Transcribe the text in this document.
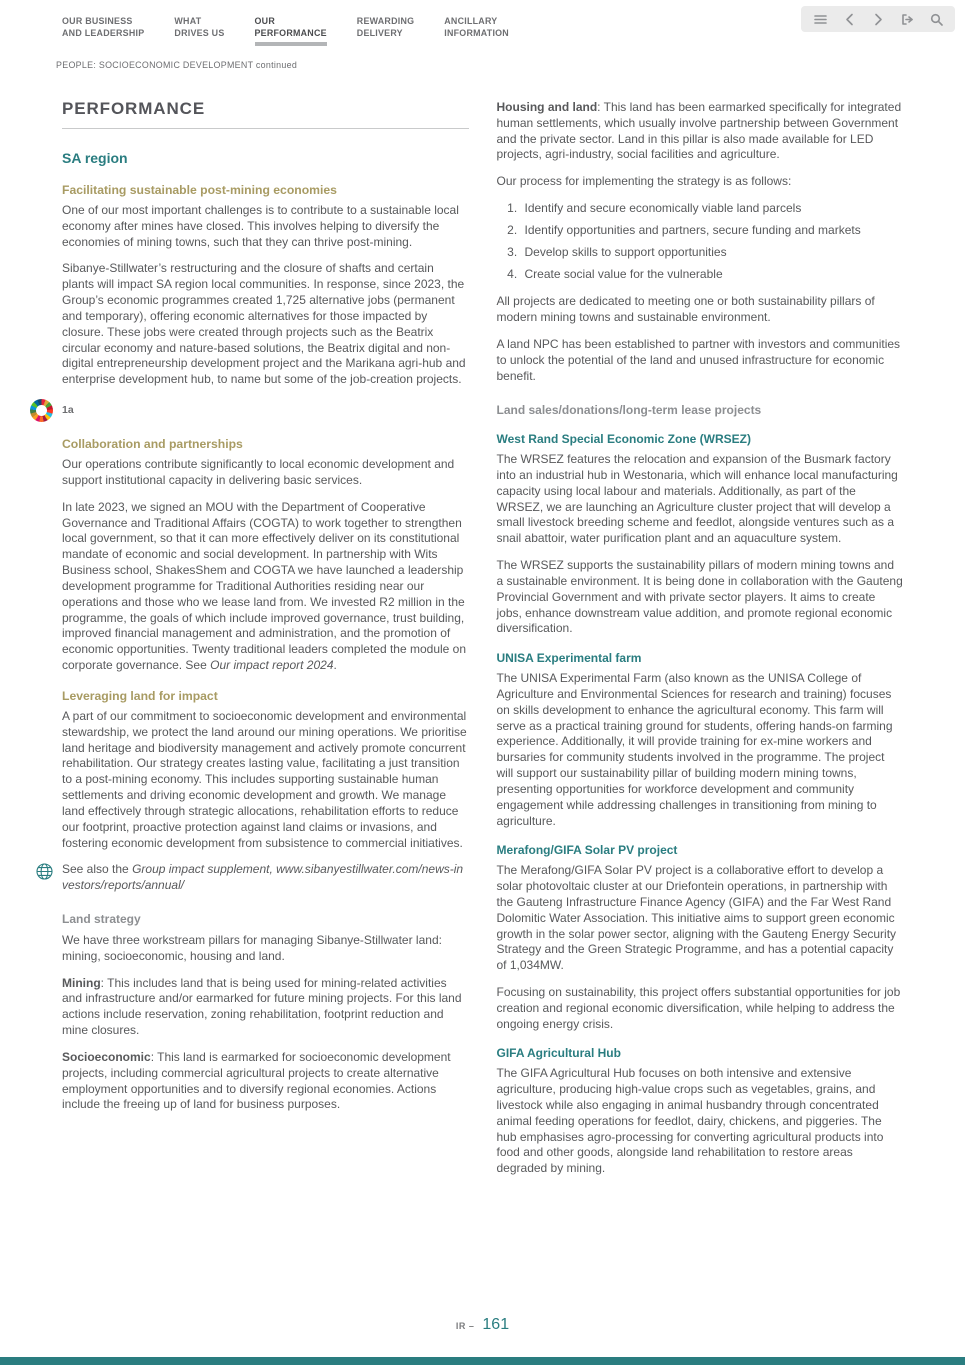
OUR BUSINESS
AND LEADERSHIP
WHAT
DRIVES US
OUR
PERFORMANCE
REWARDING
DELIVERY
ANCILLARY
INFORMATION
PEOPLE: SOCIOECONOMIC DEVELOPMENT continued
PERFORMANCE
SA region
Facilitating sustainable post-mining economies

One of our most important challenges is to contribute to a sustainable local economy after mines have closed. This involves helping to diversify the economies of mining towns, such that they can thrive post-mining.

Sibanye-Stillwater’s restructuring and the closure of shafts and certain plants will impact SA region local communities. In response, since 2023, the Group’s economic programmes created 1,725 alternative jobs (permanent and temporary), offering economic alternatives for those impacted by closure. These jobs were created through projects such as the Beatrix circular economy and nature-based solutions, the Beatrix digital and non-digital entrepreneurship development project and the Marikana agri-hub and enterprise development hub, to name but some of the job-creation projects.

1a
Collaboration and partnerships

Our operations contribute significantly to local economic development and support institutional capacity in delivering basic services.

In late 2023, we signed an MOU with the Department of Cooperative Governance and Traditional Affairs (COGTA) to work together to strengthen local government, so that it can more effectively deliver on its constitutional mandate of economic and social development. In partnership with Wits Business school, ShakesShem and COGTA we have launched a leadership development programme for Traditional Authorities residing near our operations and those who we lease land from. We invested R2 million in the programme, the goals of which include improved governance, trust building, improved financial management and administration, and the promotion of economic opportunities. Twenty traditional leaders completed the module on corporate governance. See Our impact report 2024.

Leveraging land for impact

A part of our commitment to socioeconomic development and environmental stewardship, we protect the land around our mining operations. We prioritise land heritage and biodiversity management and actively promote concurrent rehabilitation. Our strategy creates lasting value, facilitating a just transition to a post-mining economy. This includes supporting sustainable human settlements and driving economic development and growth. We manage land effectively through strategic allocations, rehabilitation efforts to reduce our footprint, proactive protection against land claims or invasions, and fostering economic development from subsistence to commercial initiatives.

See also the Group impact supplement, www.sibanyestillwater.com/news-investors/reports/annual/
Land strategy

We have three workstream pillars for managing Sibanye-Stillwater land: mining, socioeconomic, housing and land.

Mining: This includes land that is being used for mining-related activities and infrastructure and/or earmarked for future mining projects. For this land actions include reservation, zoning rehabilitation, footprint reduction and mine closures.

Socioeconomic: This land is earmarked for socioeconomic development projects, including commercial agricultural projects to create alternative employment opportunities and to diversify regional economies. Actions include the freeing up of land for business purposes.

Housing and land: This land has been earmarked specifically for integrated human settlements, which usually involve partnership between Government and the private sector. Land in this pillar is also made available for LED projects, agri-industry, social facilities and agriculture.

Our process for implementing the strategy is as follows:

1. Identify and secure economically viable land parcels
2. Identify opportunities and partners, secure funding and markets
3. Develop skills to support opportunities
4. Create social value for the vulnerable

All projects are dedicated to meeting one or both sustainability pillars of modern mining towns and sustainable environment.

A land NPC has been established to partner with investors and communities to unlock the potential of the land and unused infrastructure for economic benefit.

Land sales/donations/long-term lease projects
West Rand Special Economic Zone (WRSEZ)

The WRSEZ features the relocation and expansion of the Busmark factory into an industrial hub in Westonaria, which will enhance local manufacturing capacity using local labour and materials. Additionally, as part of the WRSEZ, we are launching an Agriculture cluster project that will develop a small livestock breeding scheme and feedlot, alongside ventures such as a snail abattoir, water purification plant and an aquaculture system.

The WRSEZ supports the sustainability pillars of modern mining towns and a sustainable environment. It is being done in collaboration with the Gauteng Provincial Government and with private sector players. It aims to create jobs, enhance downstream value addition, and promote regional economic diversification.

UNISA Experimental farm

The UNISA Experimental Farm (also known as the UNISA College of Agriculture and Environmental Sciences for research and training) focuses on skills development to enhance the agricultural economy. This farm will serve as a practical training ground for students, offering hands-on farming experience. Additionally, it will provide training for ex-mine workers and bursaries for community students involved in the programme. The project will support our sustainability pillar of building modern mining towns, presenting opportunities for workforce development and community engagement while addressing challenges in transitioning from mining to agriculture.

Merafong/GIFA Solar PV project

The Merafong/GIFA Solar PV project is a collaborative effort to develop a solar photovoltaic cluster at our Driefontein operations, in partnership with the Gauteng Infrastructure Finance Agency (GIFA) and the Far West Rand Dolomitic Water Association. This initiative aims to support green economic growth in the solar power sector, aligning with the Gauteng Energy Security Strategy and the Green Strategic Programme, and has a potential capacity of 1,034MW.

Focusing on sustainability, this project offers substantial opportunities for job creation and regional economic diversification, while helping to address the ongoing energy crisis.

GIFA Agricultural Hub

The GIFA Agricultural Hub focuses on both intensive and extensive agriculture, producing high-value crops such as vegetables, grains, and livestock while also engaging in animal husbandry through concentrated animal feeding operations for feedlot, dairy, chickens, and piggeries. The hub emphasises agro-processing for converting agricultural products into food and other goods, alongside land rehabilitation to restore areas degraded by mining.

IR – 161
